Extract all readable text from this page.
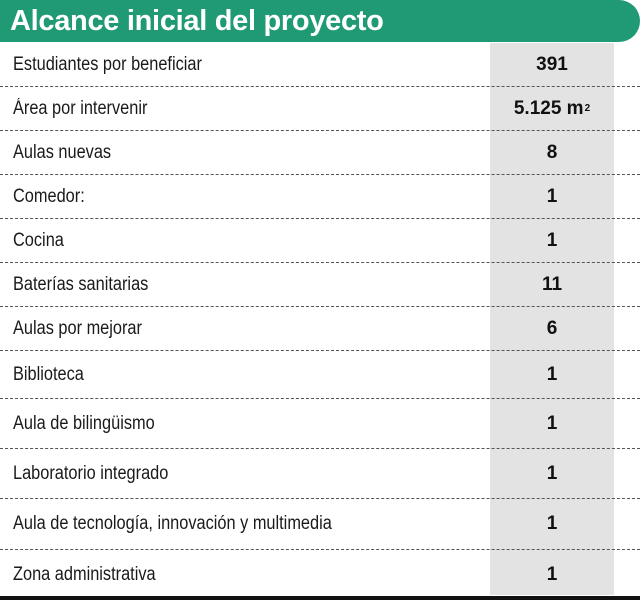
Alcance inicial del proyecto
Estudiantes por beneficiar	391
Área por intervenir	5.125 m 2
Aulas nuevas	8
Comedor:	1
Cocina	1
Baterías sanitarias	11
Aulas por mejorar	6
Biblioteca	1
Aula de bilingüismo	1
Laboratorio integrado	1
Aula de tecnología, innovación y multimedia	1
Zona administrativa	1
